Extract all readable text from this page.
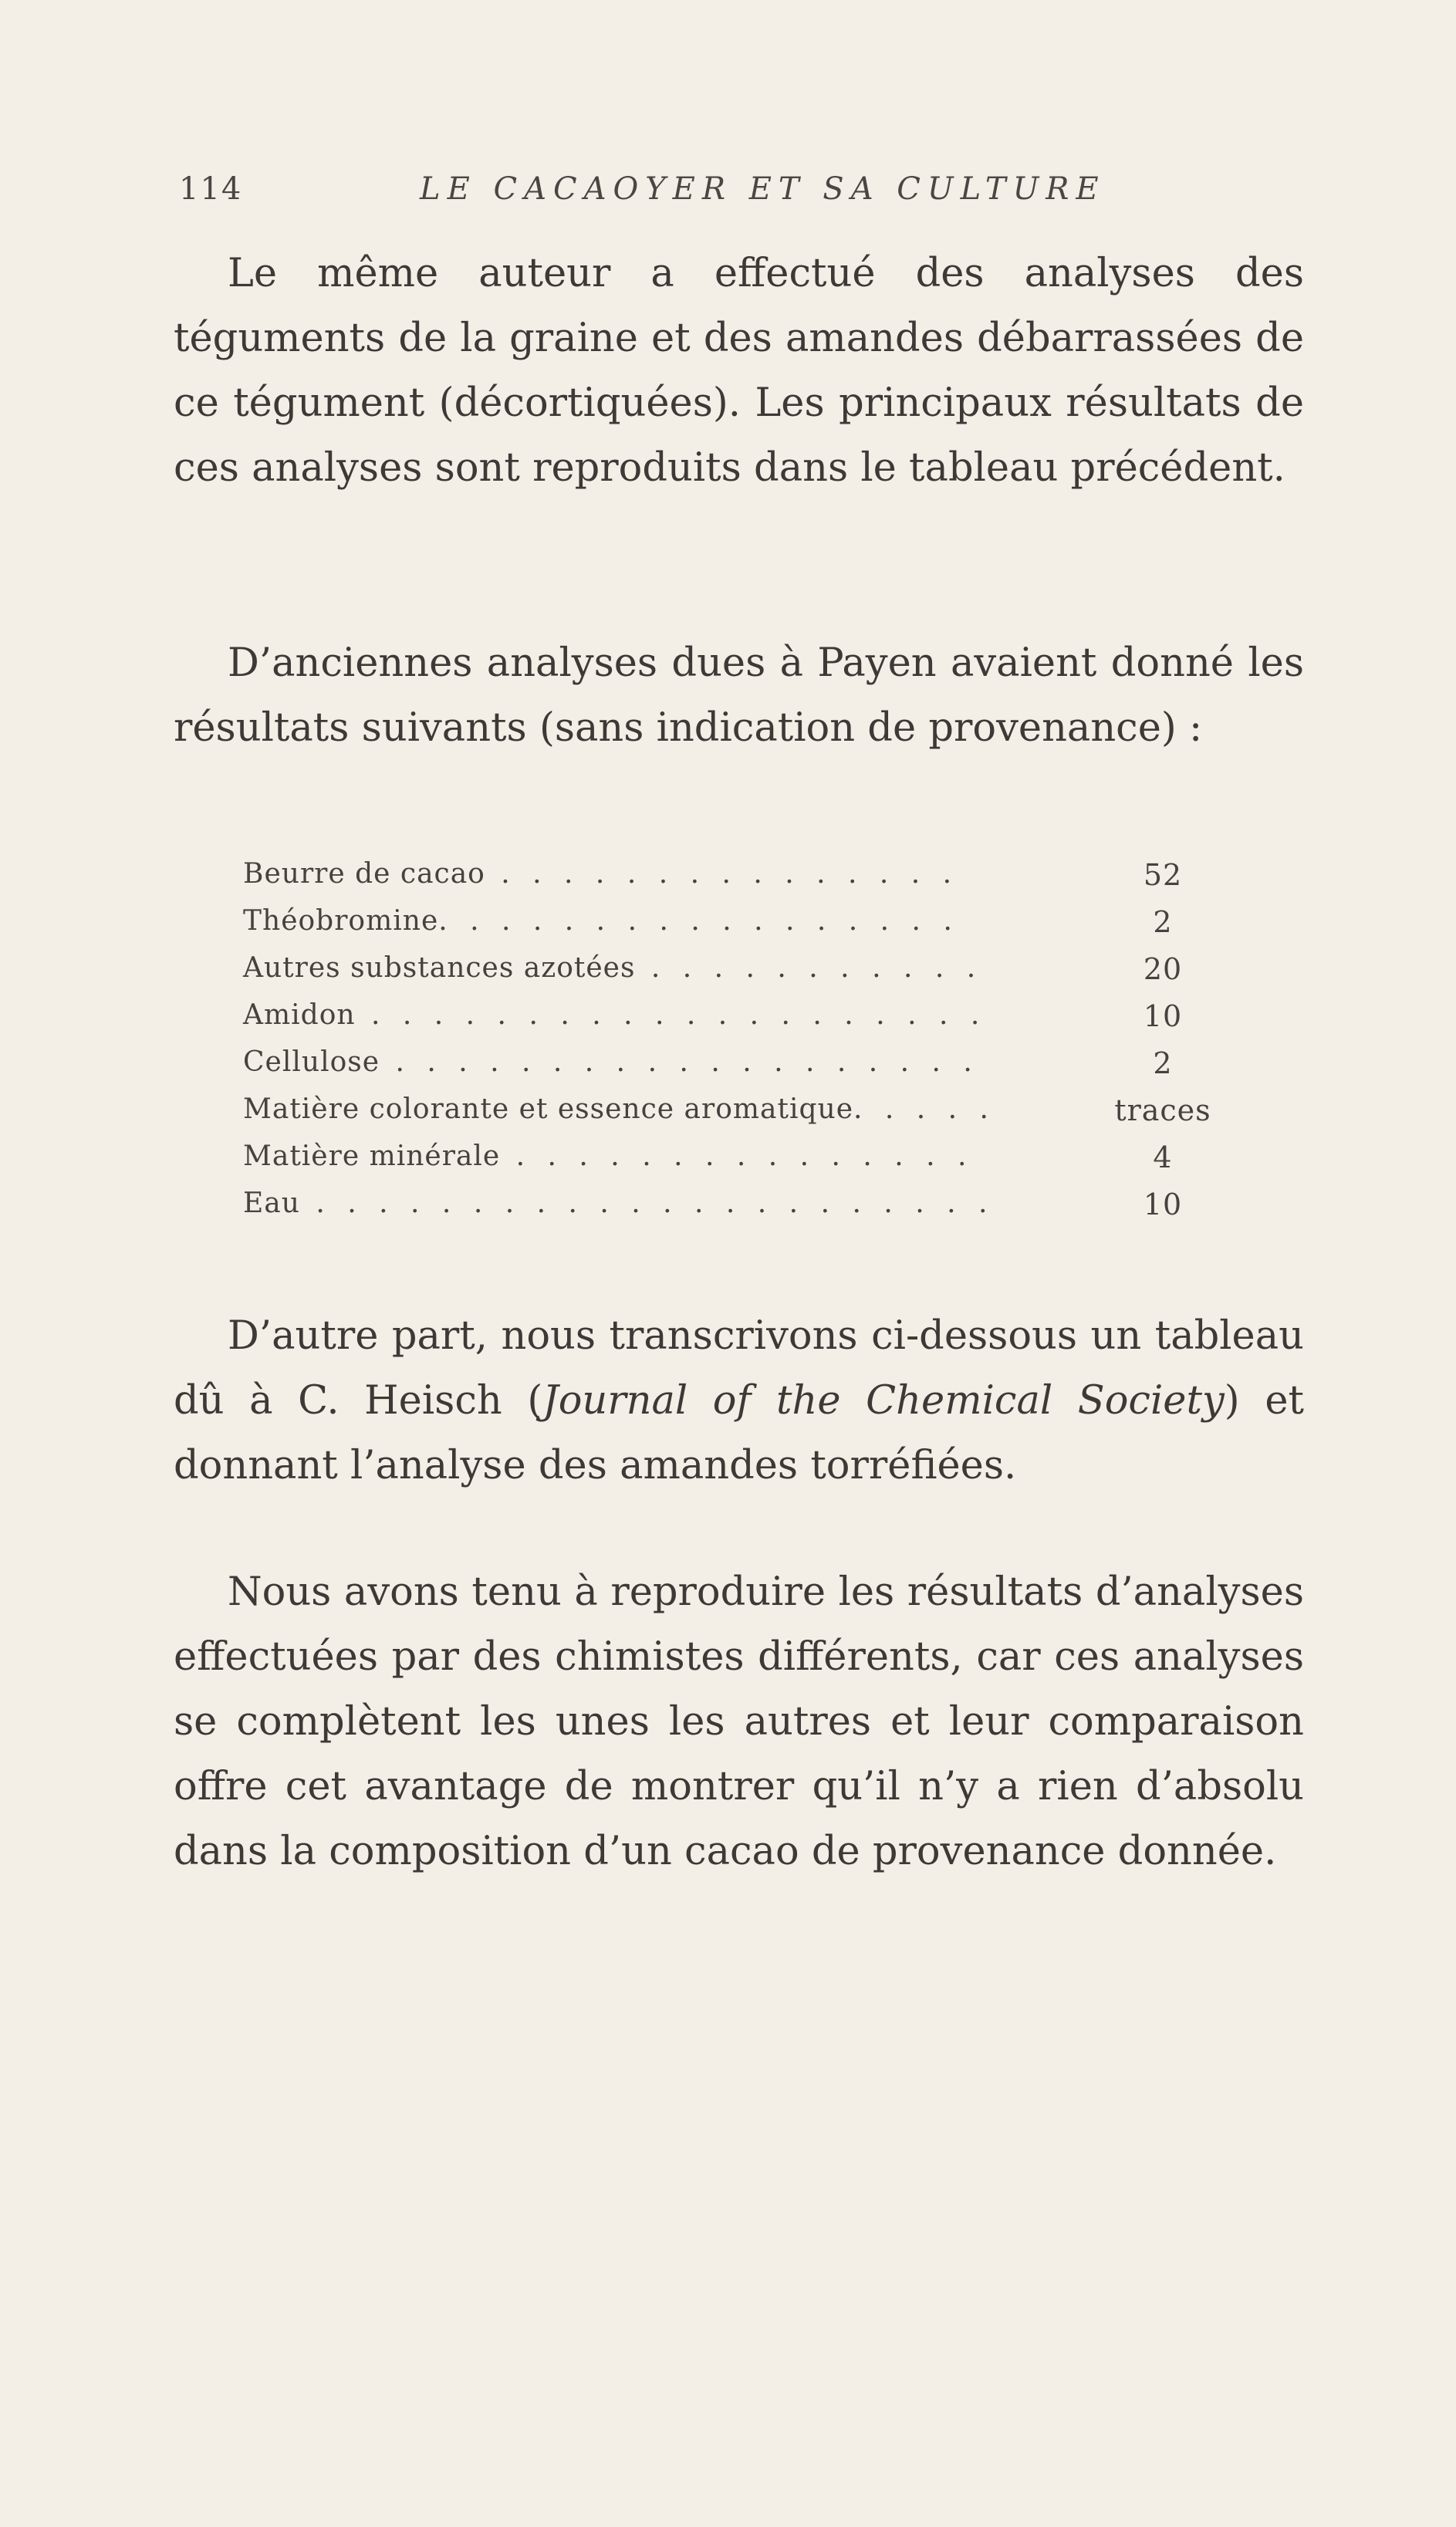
114	LE CACAOYER ET SA CULTURE

Le même auteur a effectué des analyses des téguments de la graine et des amandes débarrassées de ce tégument (décortiquées). Les principaux résultats de ces analyses sont reproduits dans le tableau précédent.

D’anciennes analyses dues à Payen avaient donné les résultats suivants (sans indication de provenance) :

Beurre de cacao . . . . . . . . . . . . . . .	52
Théobromine. . . . . . . . . . . . . . . . .	2
Autres substances azotées . . . . . . . . . . .	20
Amidon . . . . . . . . . . . . . . . . . . . .	10
Cellulose . . . . . . . . . . . . . . . . . . .	2
Matière colorante et essence aromatique. . . . .	traces
Matière minérale . . . . . . . . . . . . . . .	4
Eau . . . . . . . . . . . . . . . . . . . . . .	10

D’autre part, nous transcrivons ci-dessous un tableau dû à C. Heisch (Journal of the Chemical Society) et donnant l’analyse des amandes torréfiées.

Nous avons tenu à reproduire les résultats d’analyses effectuées par des chimistes différents, car ces analyses se complètent les unes les autres et leur comparaison offre cet avantage de montrer qu’il n’y a rien d’absolu dans la composition d’un cacao de provenance donnée.
